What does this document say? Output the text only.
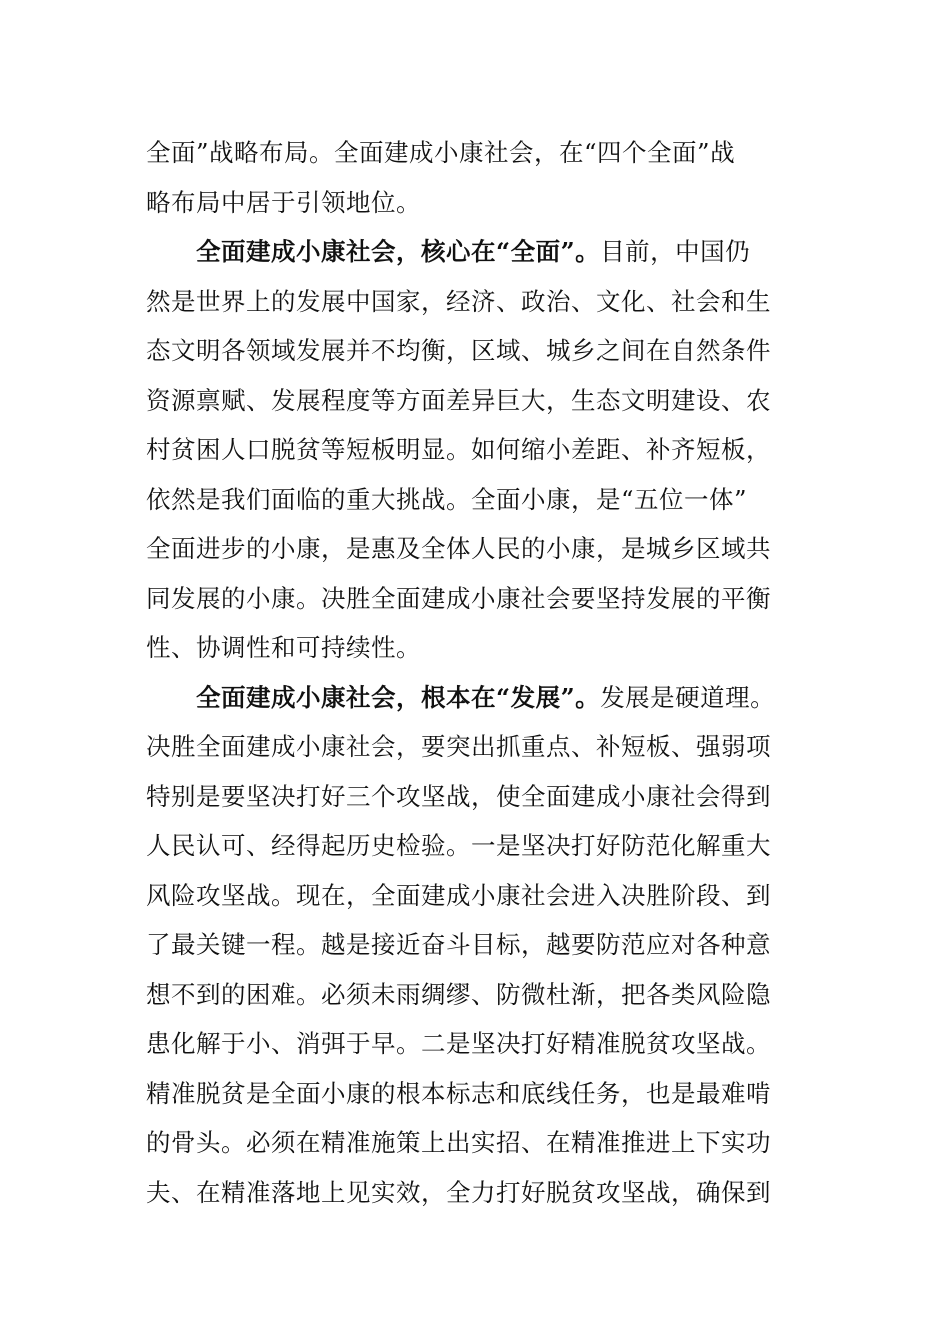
全面”战略布局。全面建成小康社会，在“四个全面”战
略布局中居于引领地位。
全面建成小康社会，核心在“全面”。目前，中国仍
然是世界上的发展中国家，经济、政治、文化、社会和生
态文明各领域发展并不均衡，区域、城乡之间在自然条件
资源禀赋、发展程度等方面差异巨大，生态文明建设、农
村贫困人口脱贫等短板明显。如何缩小差距、补齐短板，
依然是我们面临的重大挑战。全面小康，是“五位一体”
全面进步的小康，是惠及全体人民的小康，是城乡区域共
同发展的小康。决胜全面建成小康社会要坚持发展的平衡
性、协调性和可持续性。
全面建成小康社会，根本在“发展”。发展是硬道理。
决胜全面建成小康社会，要突出抓重点、补短板、强弱项
特别是要坚决打好三个攻坚战，使全面建成小康社会得到
人民认可、经得起历史检验。一是坚决打好防范化解重大
风险攻坚战。现在，全面建成小康社会进入决胜阶段、到
了最关键一程。越是接近奋斗目标，越要防范应对各种意
想不到的困难。必须未雨绸缪、防微杜渐，把各类风险隐
患化解于小、消弭于早。二是坚决打好精准脱贫攻坚战。
精准脱贫是全面小康的根本标志和底线任务，也是最难啃
的骨头。必须在精准施策上出实招、在精准推进上下实功
夫、在精准落地上见实效，全力打好脱贫攻坚战，确保到
